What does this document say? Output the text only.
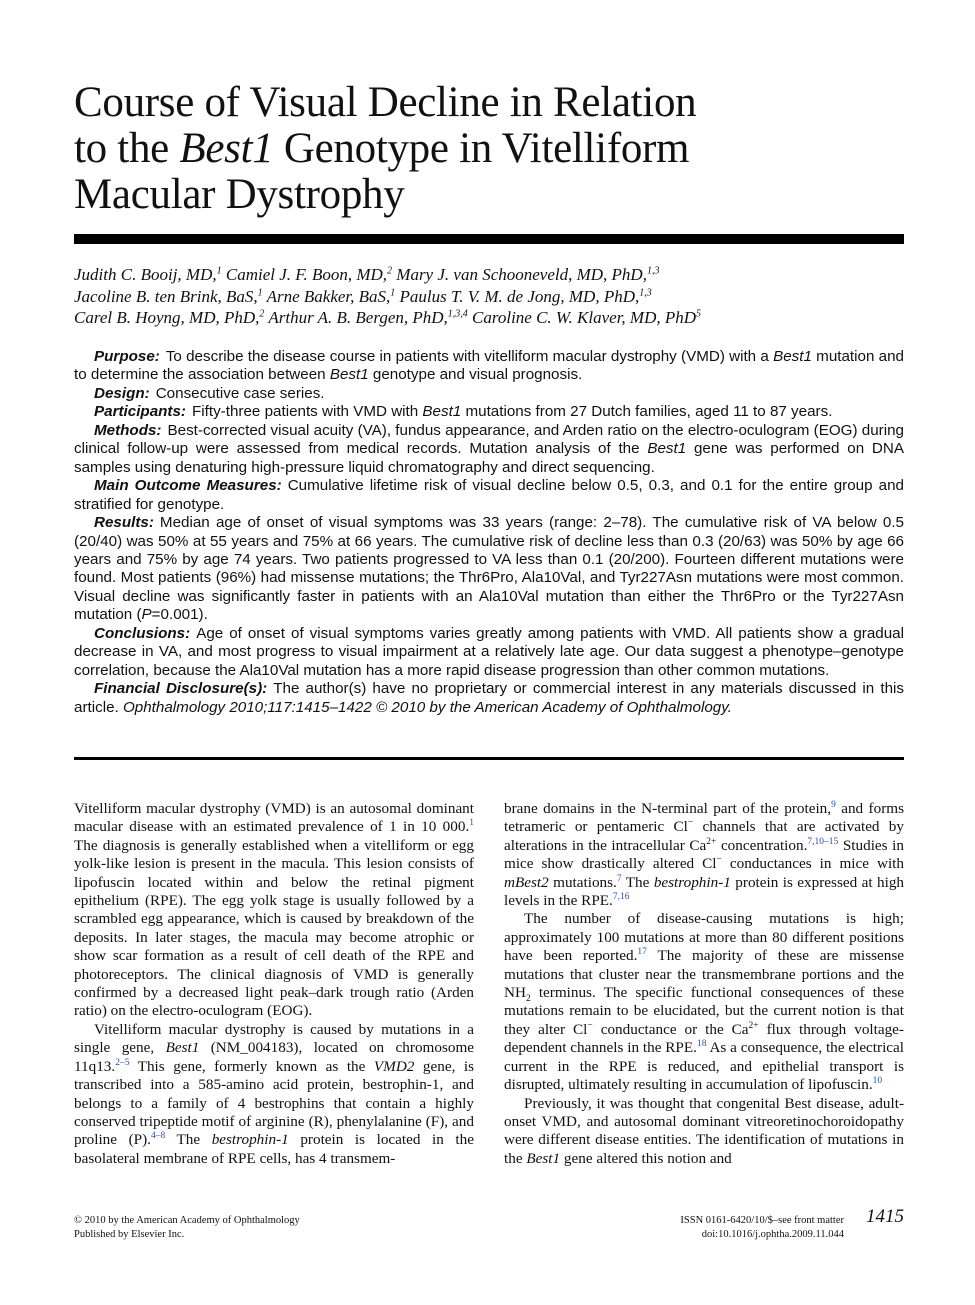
Course of Visual Decline in Relation
to the Best1 Genotype in Vitelliform
Macular Dystrophy
Judith C. Booij, MD,$^1$ Camiel J. F. Boon, MD,$^2$ Mary J. van Schooneveld, MD, PhD,$^{1,3}$
Jacoline B. ten Brink, BaS,$^1$ Arne Bakker, BaS,$^1$ Paulus T. V. M. de Jong, MD, PhD,$^{1,3}$
Carel B. Hoyng, MD, PhD,$^2$ Arthur A. B. Bergen, PhD,$^{1,3,4}$ Caroline C. W. Klaver, MD, PhD$^5$

Purpose: To describe the disease course in patients with vitelliform macular dystrophy (VMD) with a Best1 mutation and to determine the association between Best1 genotype and visual prognosis.

Design: Consecutive case series.

Participants: Fifty-three patients with VMD with Best1 mutations from 27 Dutch families, aged 11 to 87 years.

Methods: Best-corrected visual acuity (VA), fundus appearance, and Arden ratio on the electro-oculogram (EOG) during clinical follow-up were assessed from medical records. Mutation analysis of the Best1 gene was performed on DNA samples using denaturing high-pressure liquid chromatography and direct sequencing.

Main Outcome Measures: Cumulative lifetime risk of visual decline below 0.5, 0.3, and 0.1 for the entire group and stratified for genotype.

Results: Median age of onset of visual symptoms was 33 years (range: 2–78). The cumulative risk of VA below 0.5 (20/40) was 50% at 55 years and 75% at 66 years. The cumulative risk of decline less than 0.3 (20/63) was 50% by age 66 years and 75% by age 74 years. Two patients progressed to VA less than 0.1 (20/200). Fourteen different mutations were found. Most patients (96%) had missense mutations; the Thr6Pro, Ala10Val, and Tyr227Asn mutations were most common. Visual decline was significantly faster in patients with an Ala10Val mutation than either the Thr6Pro or the Tyr227Asn mutation (P=0.001).

Conclusions: Age of onset of visual symptoms varies greatly among patients with VMD. All patients show a gradual decrease in VA, and most progress to visual impairment at a relatively late age. Our data suggest a phenotype–genotype correlation, because the Ala10Val mutation has a more rapid disease progression than other common mutations.

Financial Disclosure(s): The author(s) have no proprietary or commercial interest in any materials discussed in this article. Ophthalmology 2010;117:1415–1422 © 2010 by the American Academy of Ophthalmology.

Vitelliform macular dystrophy (VMD) is an autosomal dominant macular disease with an estimated prevalence of 1 in 10 000.$^1$ The diagnosis is generally established when a vitelliform or egg yolk-like lesion is present in the macula. This lesion consists of lipofuscin located within and below the retinal pigment epithelium (RPE). The egg yolk stage is usually followed by a scrambled egg appearance, which is caused by breakdown of the deposits. In later stages, the macula may become atrophic or show scar formation as a result of cell death of the RPE and photoreceptors. The clinical diagnosis of VMD is generally confirmed by a decreased light peak–dark trough ratio (Arden ratio) on the electro-oculogram (EOG).

Vitelliform macular dystrophy is caused by mutations in a single gene, Best1 (NM_004183), located on chromosome 11q13.$^{2-5}$ This gene, formerly known as the VMD2 gene, is transcribed into a 585-amino acid protein, bestrophin-1, and belongs to a family of 4 bestrophins that contain a highly conserved tripeptide motif of arginine (R), phenylalanine (F), and proline (P).$^{4-8}$ The bestrophin-1 protein is located in the basolateral membrane of RPE cells, has 4 transmem-

brane domains in the N-terminal part of the protein,$^9$ and forms tetrameric or pentameric Cl− channels that are activated by alterations in the intracellular $Ca^{2+}$ concentration.$^{7,10-15}$ Studies in mice show drastically altered Cl− conductances in mice with mBest2 mutations.$^7$ The bestrophin-1 protein is expressed at high levels in the RPE.$^{7,16}$

The number of disease-causing mutations is high; approximately 100 mutations at more than 80 different positions have been reported.$^{17}$ The majority of these are missense mutations that cluster near the transmembrane portions and the $NH_2$ terminus. The specific functional consequences of these mutations remain to be elucidated, but the current notion is that they alter Cl− conductance or the $Ca^{2+}$ flux through voltage-dependent channels in the RPE.$^{18}$ As a consequence, the electrical current in the RPE is reduced, and epithelial transport is disrupted, ultimately resulting in accumulation of lipofuscin.$^{10}$

Previously, it was thought that congenital Best disease, adult-onset VMD, and autosomal dominant vitreoretinochoroidopathy were different disease entities. The identification of mutations in the Best1 gene altered this notion and

© 2010 by the American Academy of Ophthalmology
Published by Elsevier Inc.
ISSN 0161-6420/10/$–see front matter
doi:10.1016/j.ophtha.2009.11.044
1415
